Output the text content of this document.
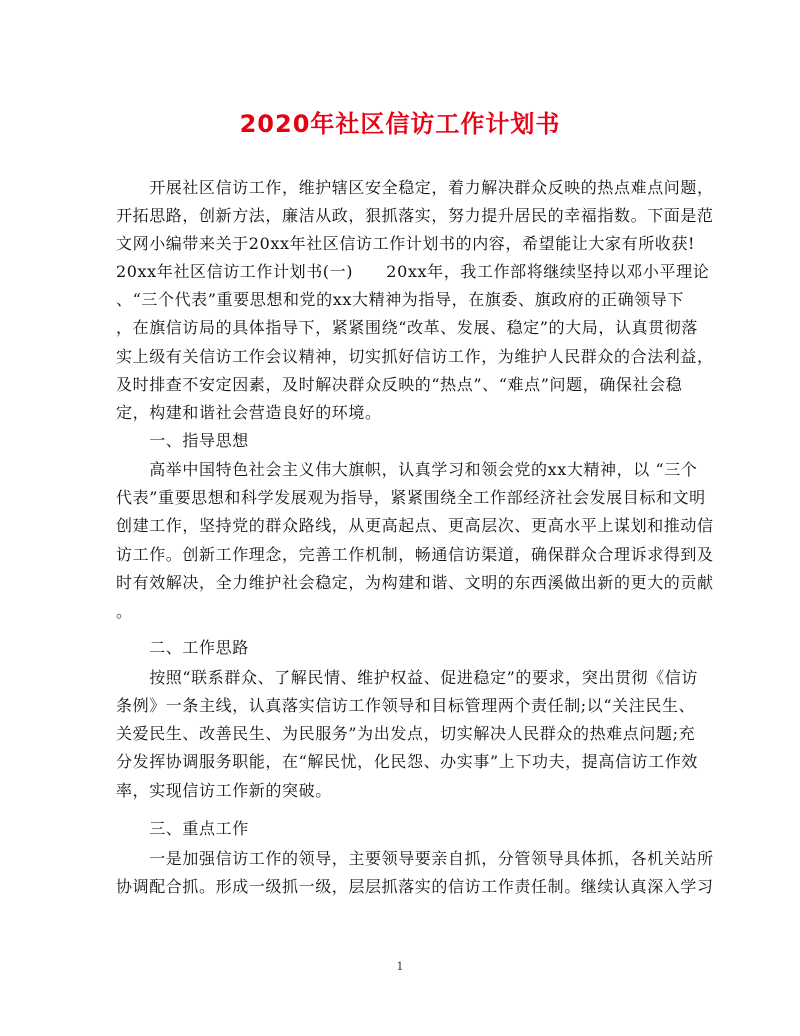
2020年社区信访工作计划书
　　开展社区信访工作，维护辖区安全稳定，着力解决群众反映的热点难点问题，
开拓思路，创新方法，廉洁从政，狠抓落实，努力提升居民的幸福指数。下面是范
文网小编带来关于20xx年社区信访工作计划书的内容，希望能让大家有所收获!
20xx年社区信访工作计划书(一)　　20xx年，我工作部将继续坚持以邓小平理论
、“三个代表”重要思想和党的xx大精神为指导，在旗委、旗政府的正确领导下
，在旗信访局的具体指导下，紧紧围绕“改革、发展、稳定”的大局，认真贯彻落
实上级有关信访工作会议精神，切实抓好信访工作，为维护人民群众的合法利益，
及时排查不安定因素，及时解决群众反映的“热点”、“难点”问题，确保社会稳
定，构建和谐社会营造良好的环境。
　　一、指导思想
　　高举中国特色社会主义伟大旗帜，认真学习和领会党的xx大精神，以 “三个
代表”重要思想和科学发展观为指导，紧紧围绕全工作部经济社会发展目标和文明
创建工作，坚持党的群众路线，从更高起点、更高层次、更高水平上谋划和推动信
访工作。创新工作理念，完善工作机制，畅通信访渠道，确保群众合理诉求得到及
时有效解决，全力维护社会稳定，为构建和谐、文明的东西溪做出新的更大的贡献
。
　　二、工作思路
　　按照“联系群众、了解民情、维护权益、促进稳定”的要求，突出贯彻《信访
条例》一条主线，认真落实信访工作领导和目标管理两个责任制;以“关注民生、
关爱民生、改善民生、为民服务”为出发点，切实解决人民群众的热难点问题;充
分发挥协调服务职能，在“解民忧，化民怨、办实事”上下功夫，提高信访工作效
率，实现信访工作新的突破。
　　三、重点工作
　　一是加强信访工作的领导，主要领导要亲自抓，分管领导具体抓，各机关站所
协调配合抓。形成一级抓一级，层层抓落实的信访工作责任制。继续认真深入学习
1
